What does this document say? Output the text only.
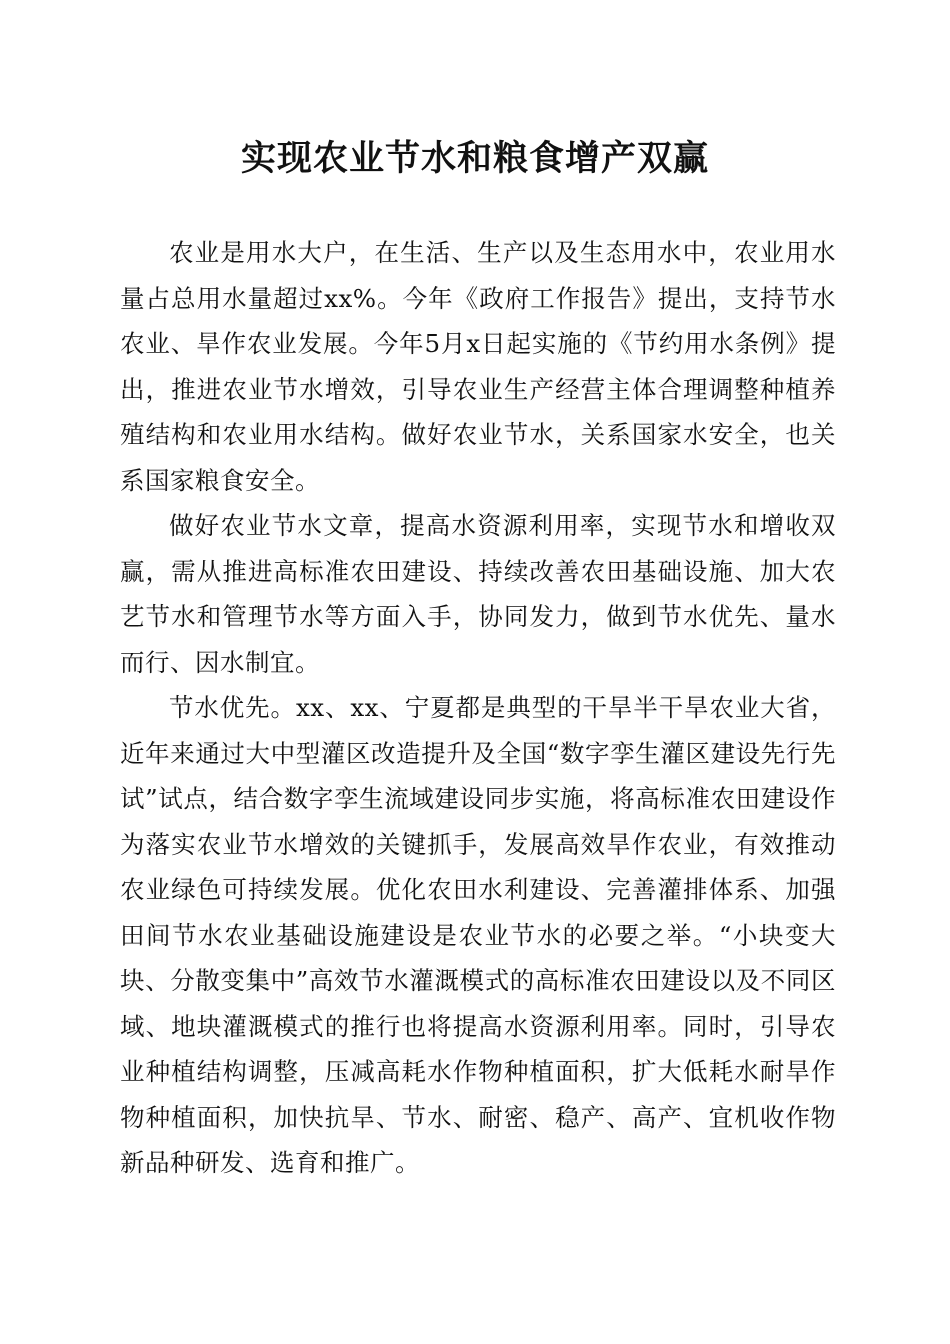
实现农业节水和粮食增产双赢

农业是用水大户，在生活、生产以及生态用水中，农业用水量占总用水量超过xx%。今年《政府工作报告》提出，支持节水农业、旱作农业发展。今年5月x日起实施的《节约用水条例》提出，推进农业节水增效，引导农业生产经营主体合理调整种植养殖结构和农业用水结构。做好农业节水，关系国家水安全，也关系国家粮食安全。

做好农业节水文章，提高水资源利用率，实现节水和增收双赢，需从推进高标准农田建设、持续改善农田基础设施、加大农艺节水和管理节水等方面入手，协同发力，做到节水优先、量水而行、因水制宜。

节水优先。xx、xx、宁夏都是典型的干旱半干旱农业大省，近年来通过大中型灌区改造提升及全国“数字孪生灌区建设先行先试”试点，结合数字孪生流域建设同步实施，将高标准农田建设作为落实农业节水增效的关键抓手，发展高效旱作农业，有效推动农业绿色可持续发展。优化农田水利建设、完善灌排体系、加强田间节水农业基础设施建设是农业节水的必要之举。“小块变大块、分散变集中”高效节水灌溉模式的高标准农田建设以及不同区域、地块灌溉模式的推行也将提高水资源利用率。同时，引导农业种植结构调整，压减高耗水作物种植面积，扩大低耗水耐旱作物种植面积，加快抗旱、节水、耐密、稳产、高产、宜机收作物新品种研发、选育和推广。
